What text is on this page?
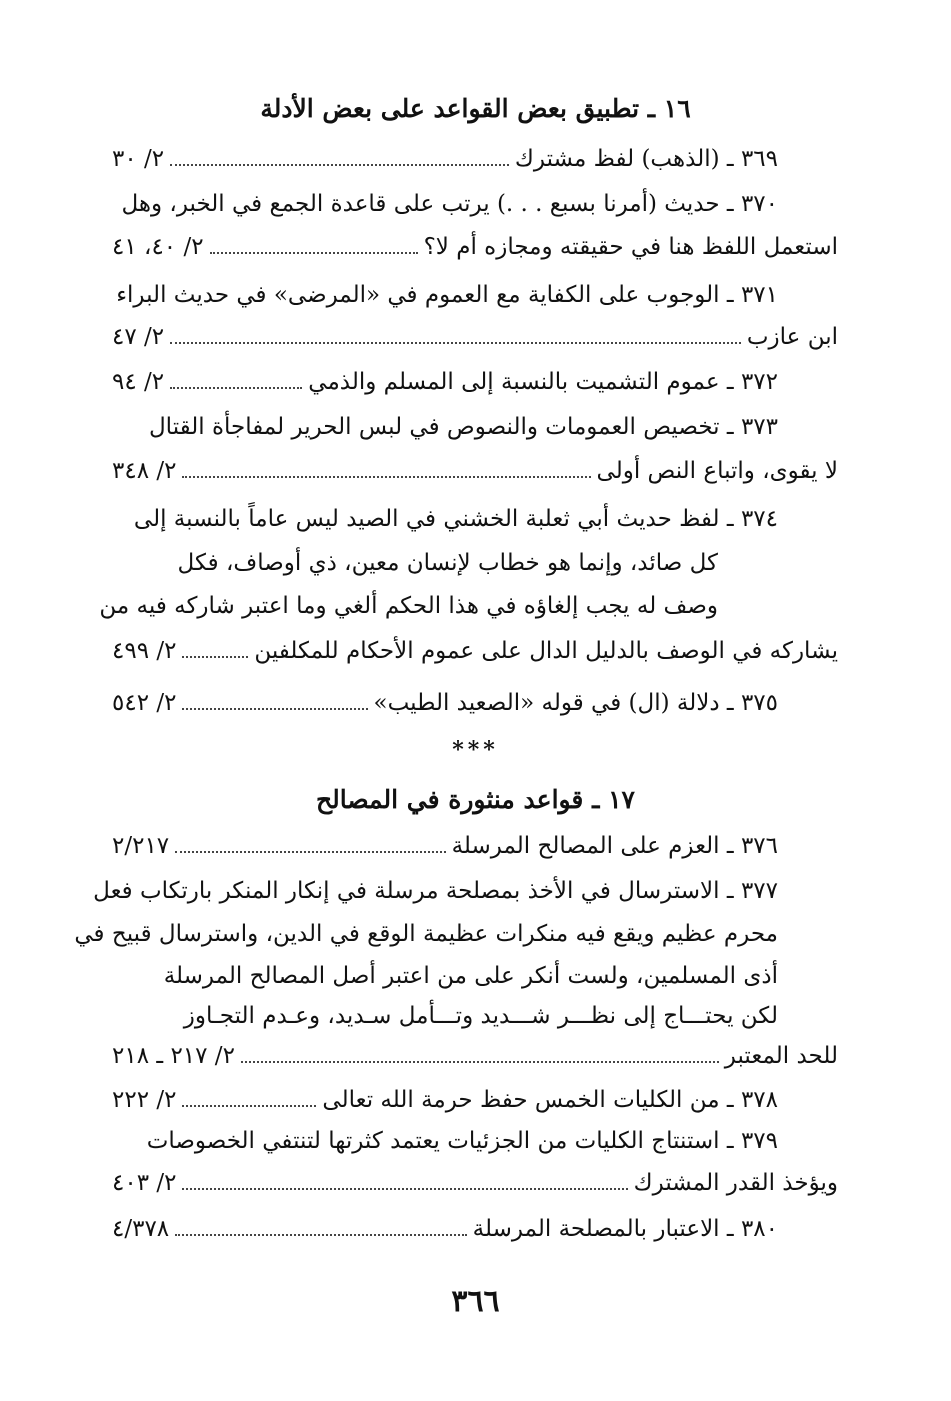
١٦ ـ تطبيق بعض القواعد على بعض الأدلة
٣٦٩ ـ (الذهب) لفظ مشترك
٢/ ٣٠
٣٧٠ ـ حديث (أمرنا بسبع . . .) يرتب على قاعدة الجمع في الخبر، وهل
استعمل اللفظ هنا في حقيقته ومجازه أم لا؟
٢/ ٤٠، ٤١
٣٧١ ـ الوجوب على الكفاية مع العموم في «المرضى» في حديث البراء
ابن عازب
٢/ ٤٧
٣٧٢ ـ عموم التشميت بالنسبة إلى المسلم والذمي
٢/ ٩٤
٣٧٣ ـ تخصيص العمومات والنصوص في لبس الحرير لمفاجأة القتال
لا يقوى، واتباع النص أولى
٢/ ٣٤٨
٣٧٤ ـ لفظ حديث أبي ثعلبة الخشني في الصيد ليس عاماً بالنسبة إلى
كل صائد، وإنما هو خطاب لإنسان معين، ذي أوصاف، فكل
وصف له يجب إلغاؤه في هذا الحكم ألغي وما اعتبر شاركه فيه من
يشاركه في الوصف بالدليل الدال على عموم الأحكام للمكلفين
٢/ ٤٩٩
٣٧٥ ـ دلالة (ال) في قوله «الصعيد الطيب»
٢/ ٥٤٢
***
١٧ ـ قواعد منثورة في المصالح
٣٧٦ ـ العزم على المصالح المرسلة
٢/٢١٧
٣٧٧ ـ الاسترسال في الأخذ بمصلحة مرسلة في إنكار المنكر بارتكاب فعل
محرم عظيم ويقع فيه منكرات عظيمة الوقع في الدين، واسترسال قبيح في
أذى المسلمين، ولست أنكر على من اعتبر أصل المصالح المرسلة
لكن يحتـــاج إلى نظـــر شـــديد وتـــأمل سـديد، وعـدم التجـاوز
للحد المعتبر
٢/ ٢١٧ ـ ٢١٨
٣٧٨ ـ من الكليات الخمس حفظ حرمة الله تعالى
٢/ ٢٢٢
٣٧٩ ـ استنتاج الكليات من الجزئيات يعتمد كثرتها لتنتفي الخصوصات
ويؤخذ القدر المشترك
٢/ ٤٠٣
٣٨٠ ـ الاعتبار بالمصلحة المرسلة
٤/٣٧٨
٣٦٦
